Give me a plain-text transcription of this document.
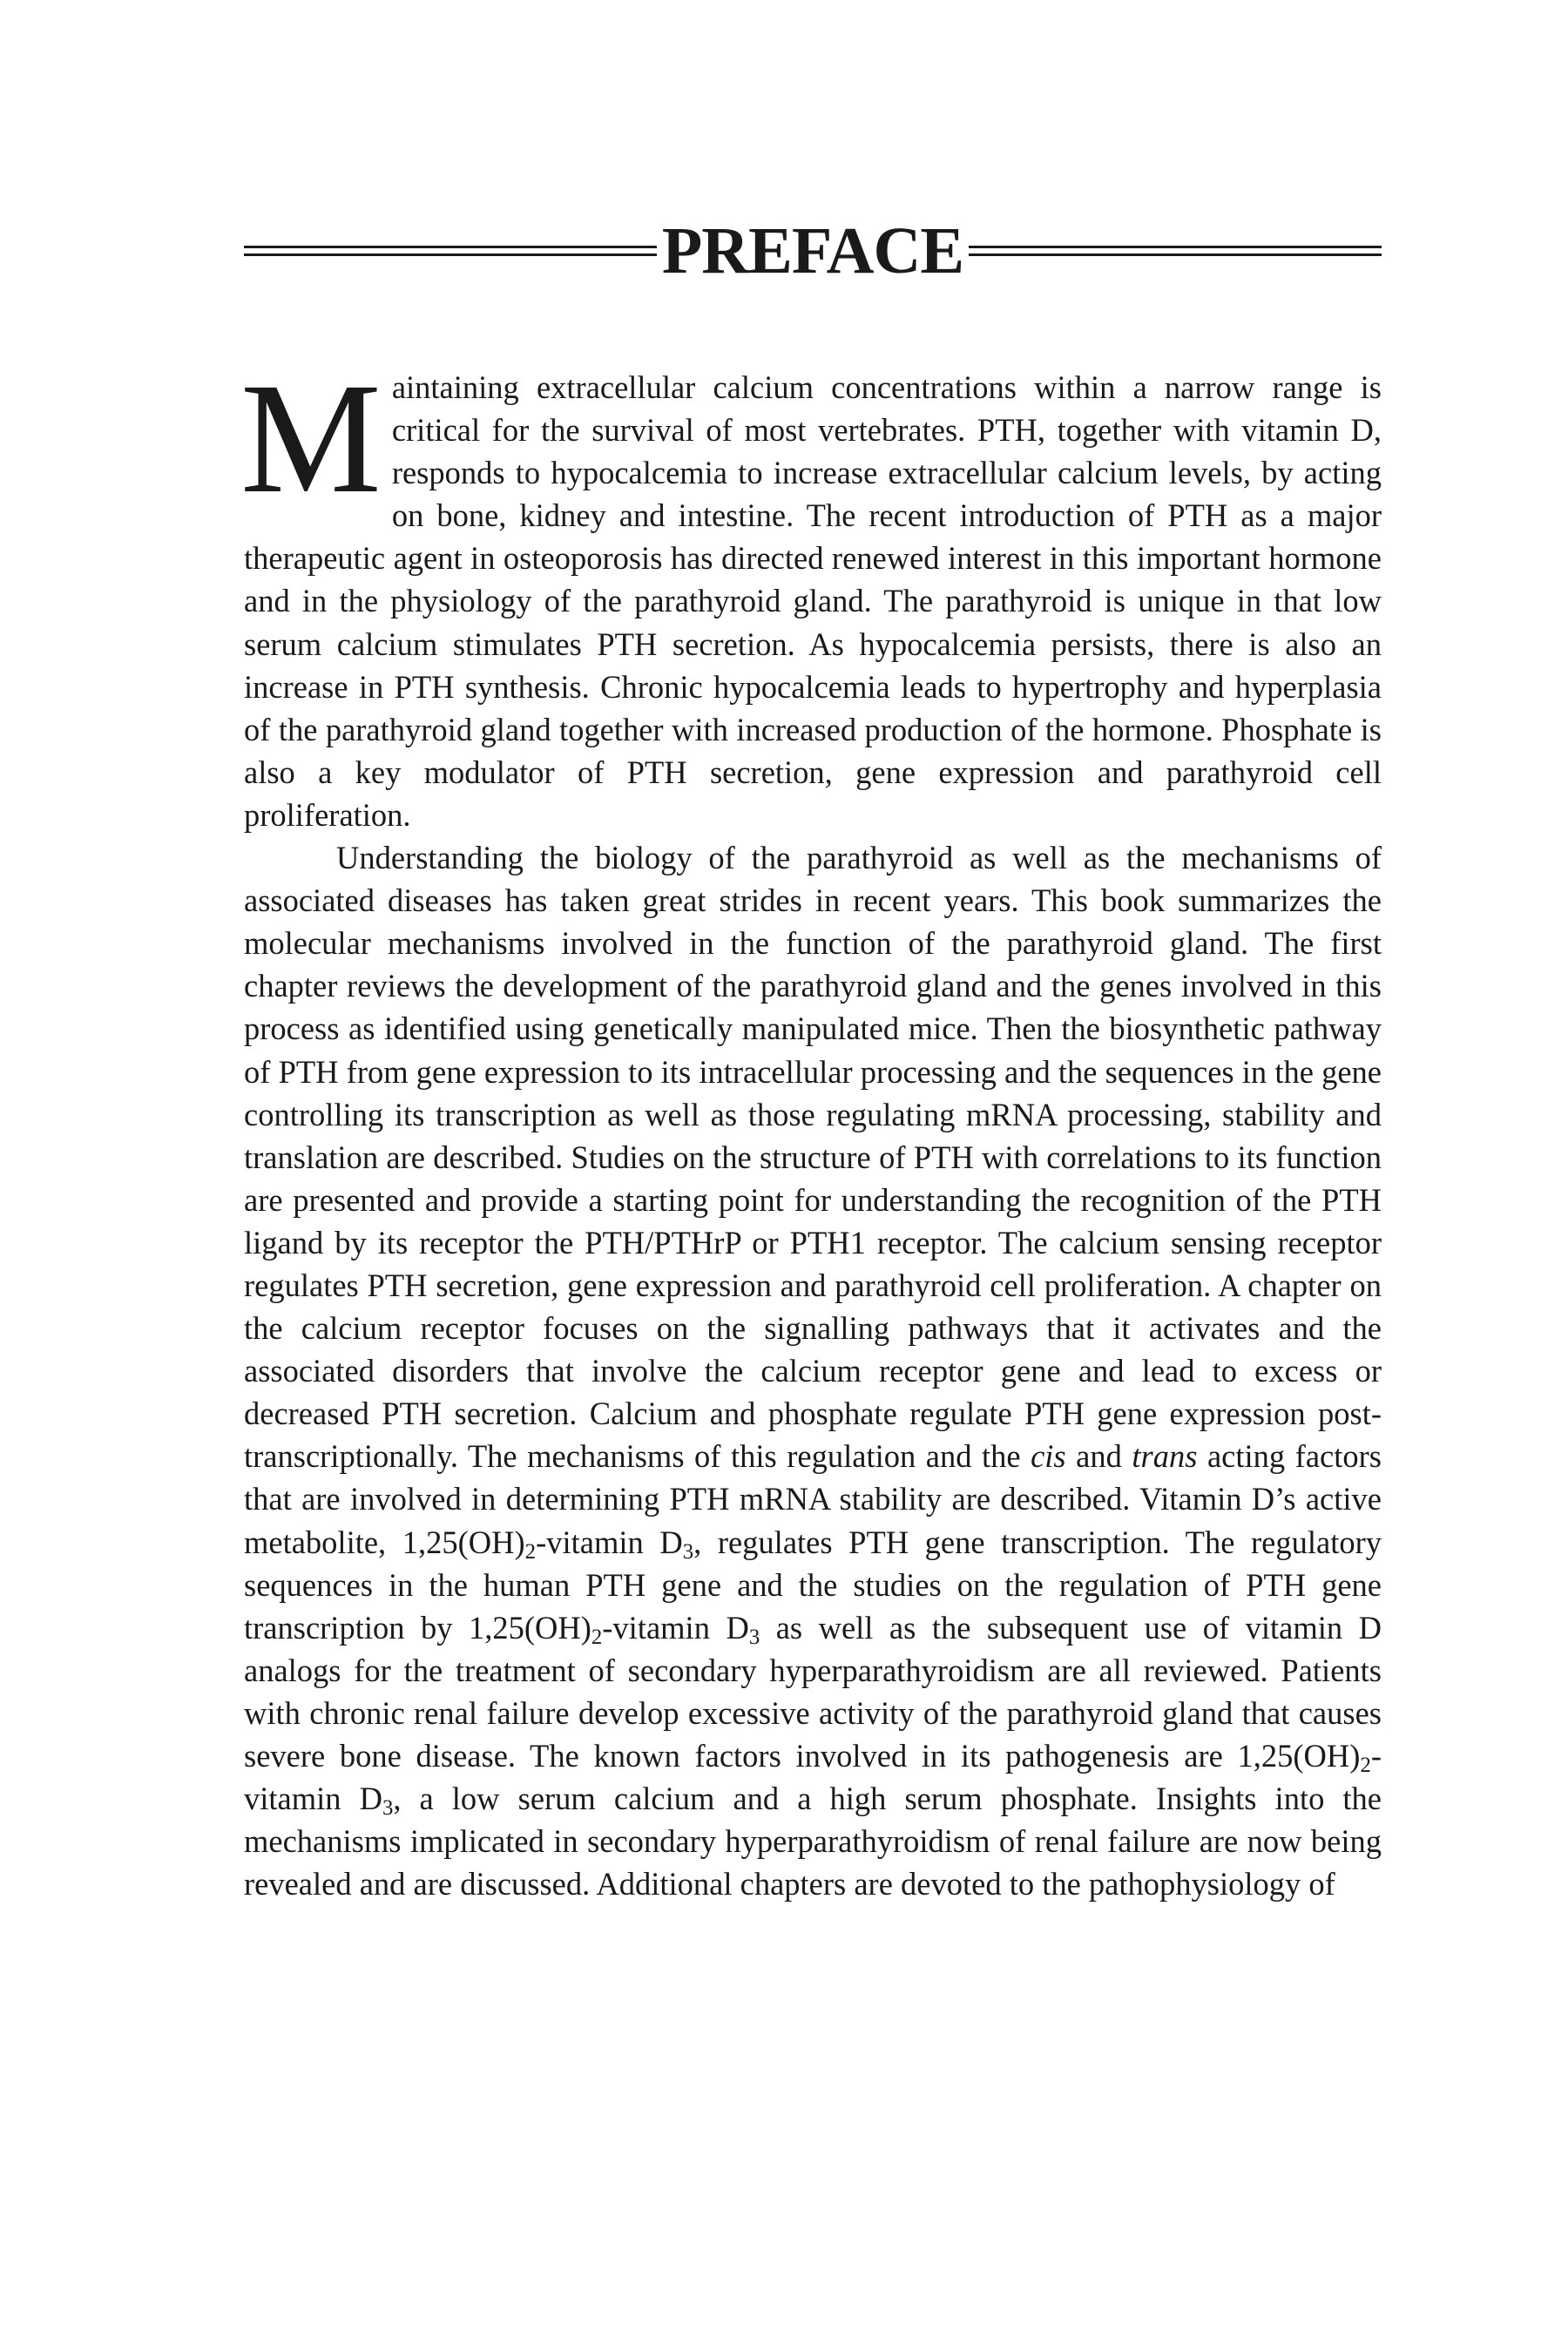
PREFACE

Maintaining extracellular calcium concentrations within a narrow range is critical for the survival of most vertebrates. PTH, together with vitamin D, responds to hypocalcemia to increase extracellular calcium levels, by acting on bone, kidney and intestine. The recent introduction of PTH as a major therapeutic agent in osteoporosis has directed renewed interest in this important hormone and in the physiology of the parathyroid gland. The parathyroid is unique in that low serum calcium stimulates PTH secretion. As hypocalcemia persists, there is also an increase in PTH synthesis. Chronic hypocalcemia leads to hypertrophy and hyperplasia of the parathyroid gland together with increased production of the hormone. Phosphate is also a key modulator of PTH secretion, gene expression and parathyroid cell proliferation.

Understanding the biology of the parathyroid as well as the mechanisms of associated diseases has taken great strides in recent years. This book summarizes the molecular mechanisms involved in the function of the parathyroid gland. The first chapter reviews the development of the parathyroid gland and the genes involved in this process as identified using genetically manipulated mice. Then the biosynthetic pathway of PTH from gene expression to its intracellular processing and the sequences in the gene controlling its transcription as well as those regulating mRNA processing, stability and translation are described. Studies on the structure of PTH with correlations to its function are presented and provide a starting point for understanding the recognition of the PTH ligand by its receptor the PTH/PTHrP or PTH1 receptor. The calcium sensing receptor regulates PTH secretion, gene expression and parathyroid cell proliferation. A chapter on the calcium receptor focuses on the signalling pathways that it activates and the associated disorders that involve the calcium receptor gene and lead to excess or decreased PTH secretion. Calcium and phosphate regulate PTH gene expression post-transcriptionally. The mechanisms of this regulation and the cis and trans acting factors that are involved in determining PTH mRNA stability are described. Vitamin D’s active metabolite, $1,25(OH)_2$-vitamin $D_3$, regulates PTH gene transcription. The regulatory sequences in the human PTH gene and the studies on the regulation of PTH gene transcription by $1,25(OH)_2$-vitamin $D_3$ as well as the subsequent use of vitamin D analogs for the treatment of secondary hyperparathyroidism are all reviewed. Patients with chronic renal failure develop excessive activity of the parathyroid gland that causes severe bone disease. The known factors involved in its pathogenesis are $1,25(OH)_2$-vitamin $D_3$, a low serum calcium and a high serum phosphate. Insights into the mechanisms implicated in secondary hyperparathyroidism of renal failure are now being revealed and are discussed. Additional chapters are devoted to the pathophysiology of
